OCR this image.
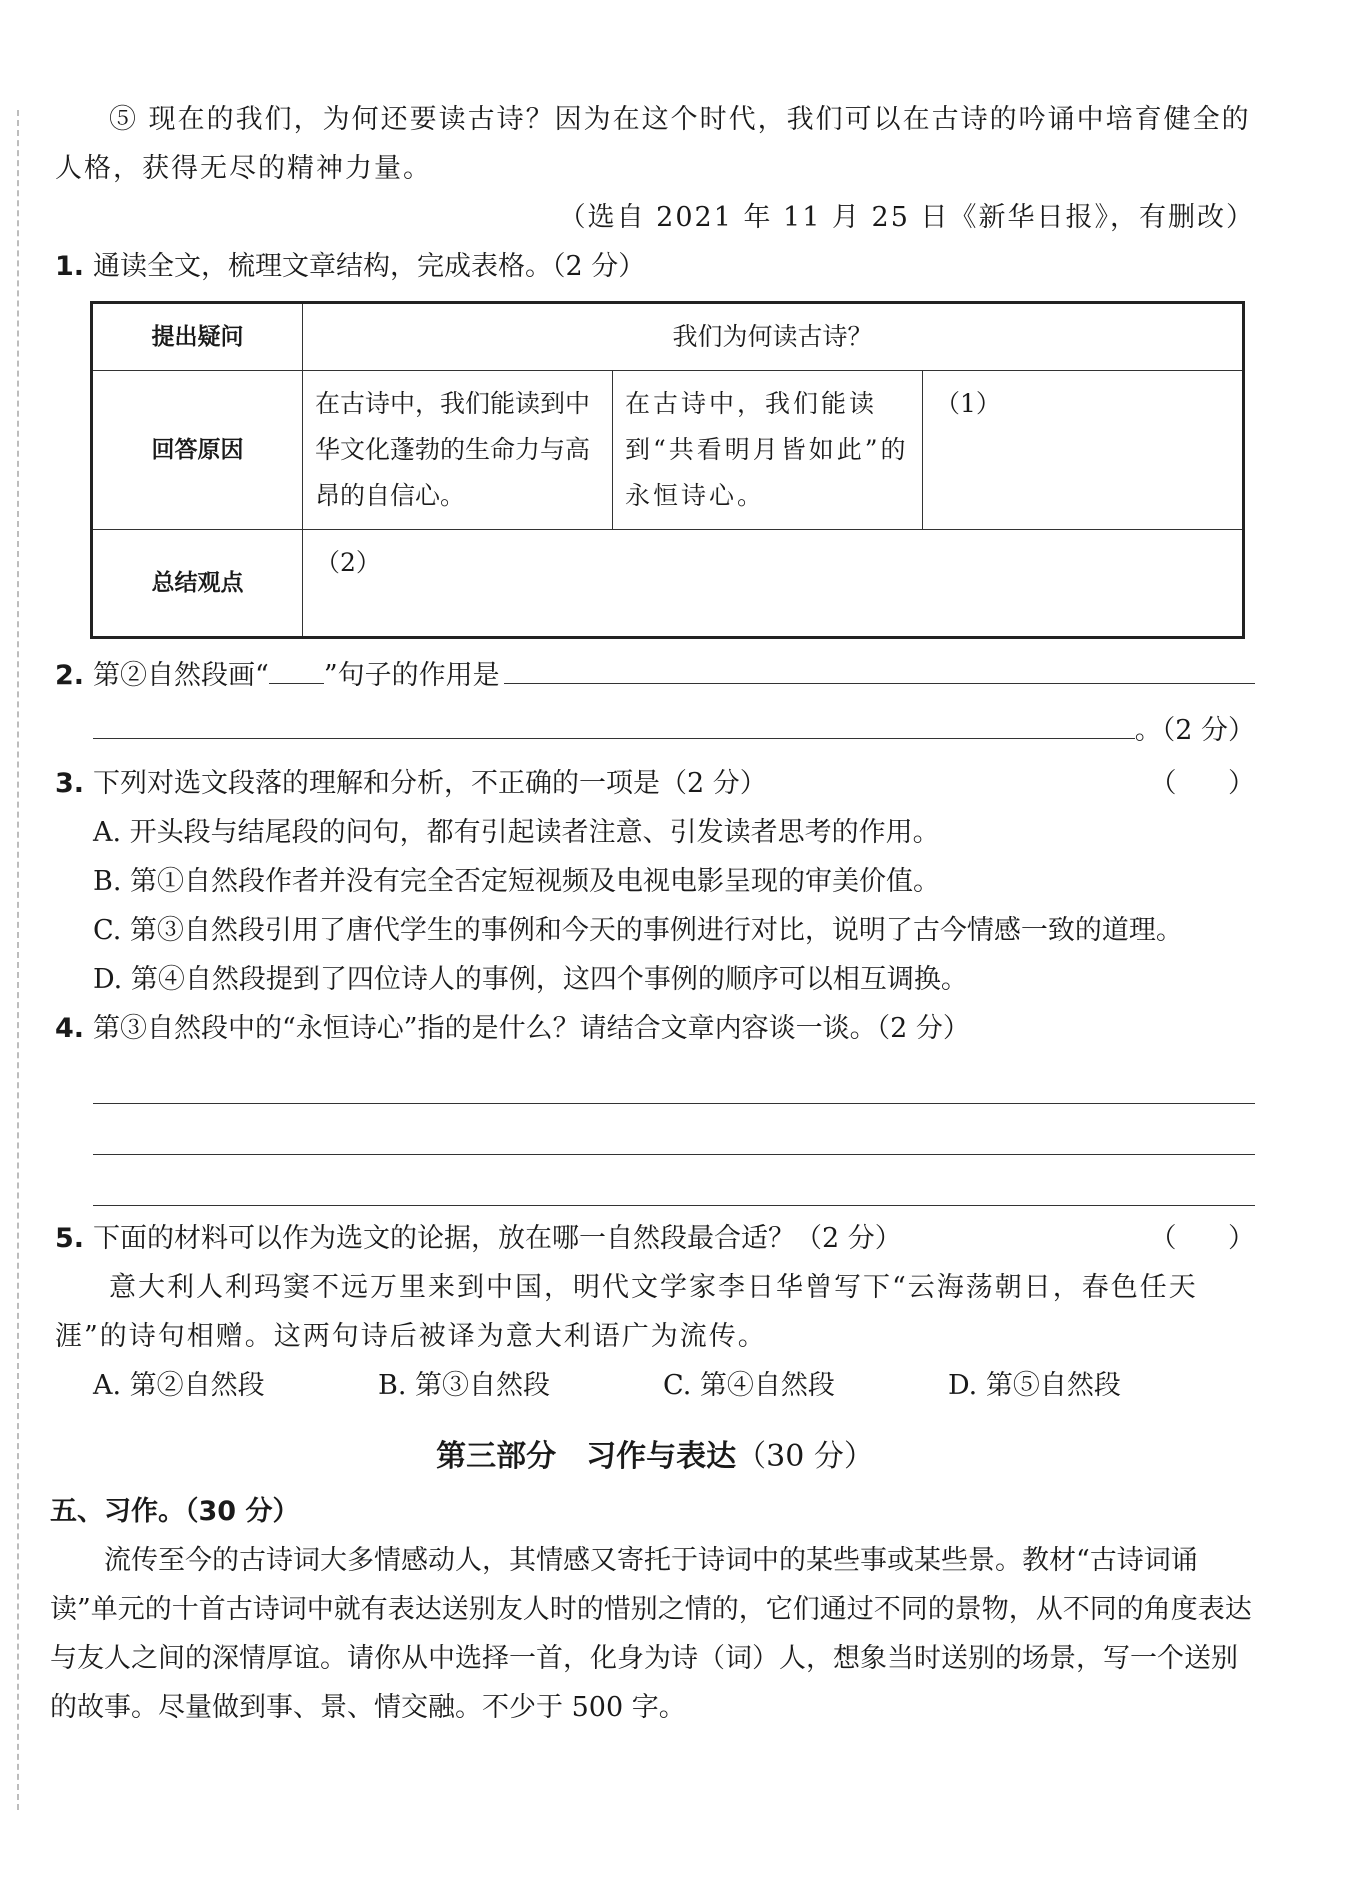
⑤ 现在的我们，为何还要读古诗？因为在这个时代，我们可以在古诗的吟诵中培育健全的人格，获得无尽的精神力量。

（选自 2021 年 11 月 25 日《新华日报》，有删改）
1. 通读全文，梳理文章结构，完成表格。（2 分）
提出疑问	我们为何读古诗？		
回答原因	在古诗中，我们能读到中华文化蓬勃的生命力与高昂的自信心。	在古诗中，我们能读到“共看明月皆如此”的永恒诗心。	（1）
总结观点	（2）		
2. 第②自然段画“ ”句子的作用是
。（2 分）
3. 下列对选文段落的理解和分析，不正确的一项是（2 分）	（      ）
A. 开头段与结尾段的问句，都有引起读者注意、引发读者思考的作用。
B. 第①自然段作者并没有完全否定短视频及电视电影呈现的审美价值。
C. 第③自然段引用了唐代学生的事例和今天的事例进行对比，说明了古今情感一致的道理。
D. 第④自然段提到了四位诗人的事例，这四个事例的顺序可以相互调换。
4. 第③自然段中的“永恒诗心”指的是什么？请结合文章内容谈一谈。（2 分）
5. 下面的材料可以作为选文的论据，放在哪一自然段最合适？（2 分）	（      ）

意大利人利玛窦不远万里来到中国，明代文学家李日华曾写下“云海荡朝日，春色任天涯”的诗句相赠。这两句诗后被译为意大利语广为流传。

A. 第②自然段	B. 第③自然段	C. 第④自然段	D. 第⑤自然段
第三部分　习作与表达（30 分）
五、习作。（30 分）

流传至今的古诗词大多情感动人，其情感又寄托于诗词中的某些事或某些景。教材“古诗词诵读”单元的十首古诗词中就有表达送别友人时的惜别之情的，它们通过不同的景物，从不同的角度表达与友人之间的深情厚谊。请你从中选择一首，化身为诗（词）人，想象当时送别的场景，写一个送别的故事。尽量做到事、景、情交融。不少于 500 字。
